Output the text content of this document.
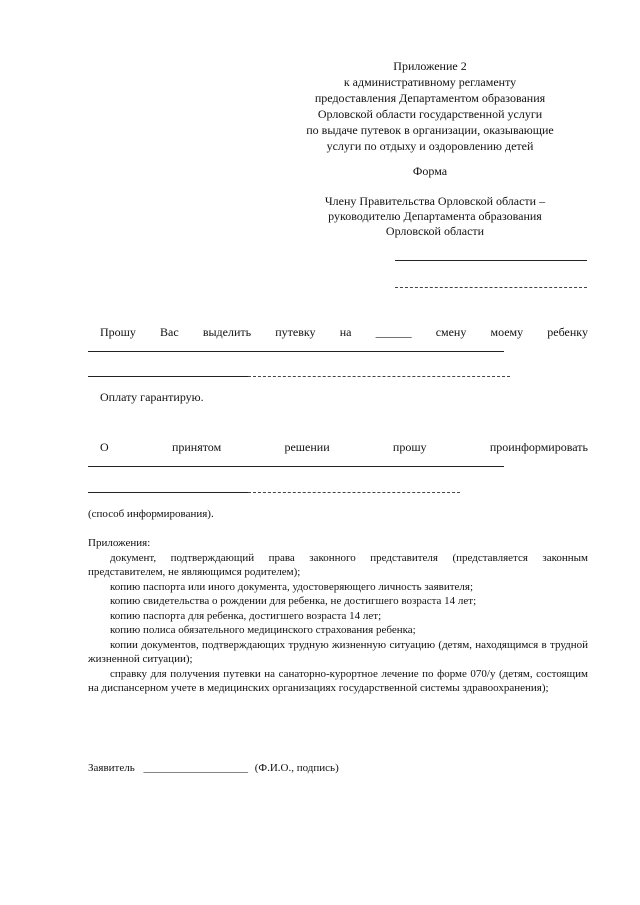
Приложение 2
к административному регламенту
предоставления Департаментом образования
Орловской области государственной услуги
по выдаче путевок в организации, оказывающие
услуги по отдыху и оздоровлению детей
Форма
Члену Правительства Орловской области –
руководителю Департамента образования
Орловской области
Прошу Вас выделить путевку на ______ смену моему ребенку
Оплату гарантирую.
О	принятом	решении	прошу	проинформировать
(способ информирования).

Приложения:

документ, подтверждающий права законного представителя (представляется законным представителем, не являющимся родителем);

копию паспорта или иного документа, удостоверяющего личность заявителя;

копию свидетельства о рождении для ребенка, не достигшего возраста 14 лет;

копию паспорта для ребенка, достигшего возраста 14 лет;

копию полиса обязательного медицинского страхования ребенка;

копии документов, подтверждающих трудную жизненную ситуацию (детям, находящимся в трудной жизненной ситуации);

справку для получения путевки на санаторно-курортное лечение по форме 070/у (детям, состоящим на диспансерном учете в медицинских организациях государственной системы здравоохранения);

Заявитель ___________________ (Ф.И.О., подпись)
